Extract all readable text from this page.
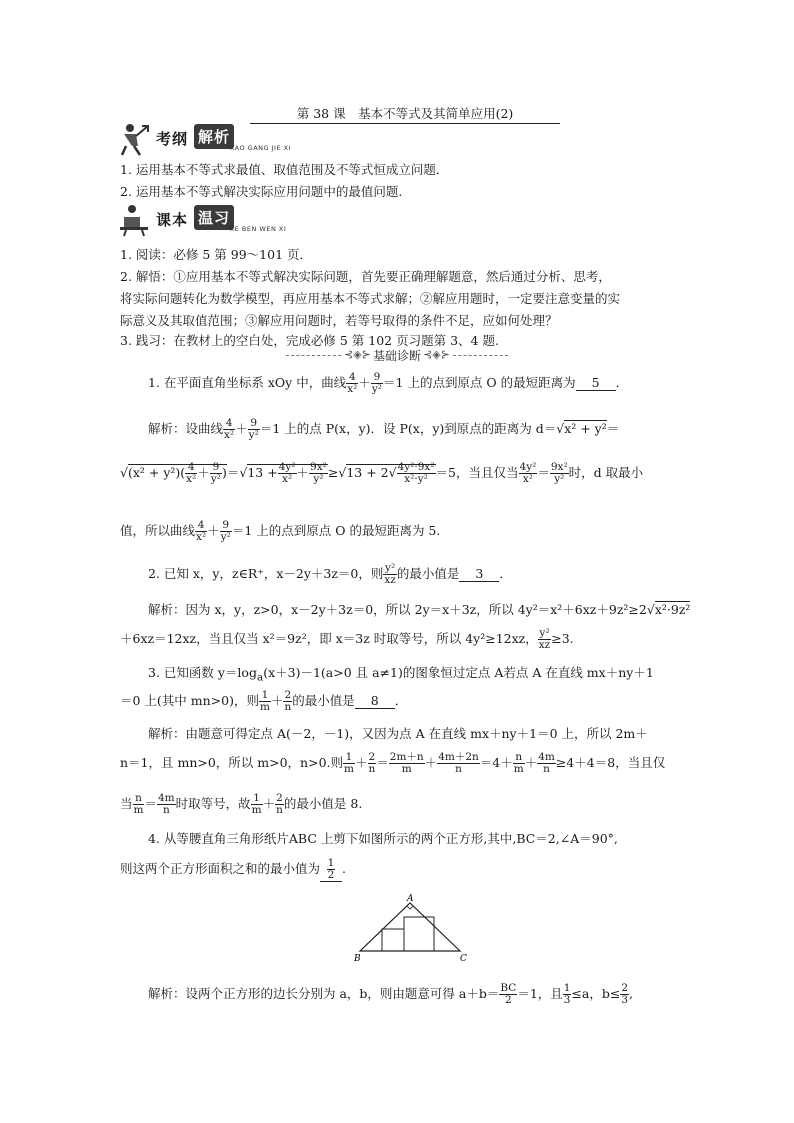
第 38 课　基本不等式及其简单应用(2)
考纲 解析
KAO GANG JIE XI
1. 运用基本不等式求最值、取值范围及不等式恒成立问题．
2. 运用基本不等式解决实际应用问题中的最值问题.
课本 温习
KE BEN WEN XI
1. 阅读：必修 5 第 99～101 页．
2. 解悟：①应用基本不等式解决实际问题，首先要正确理解题意，然后通过分析、思考，
将实际问题转化为数学模型，再应用基本不等式求解；②解应用题时，一定要注意变量的实
际意义及其取值范围；③解应用问题时，若等号取得的条件不足，应如何处理？
3. 践习：在教材上的空白处，完成必修 5 第 102 页习题第 3、4 题.
⊰◈⊱ 基础诊断 ⊰◈⊱
1. 在平面直角坐标系 xOy 中，曲线 $\frac{4}{\text{x²}} + \frac{9}{\text{y²}} =1$ 上的点到原点 O 的最短距离为 5 ．
解析：设曲线 $\frac{4}{\text{x²}} + \frac{9}{\text{y²}} =1$ 上的点 P(x，y)．设 P(x，y)到原点的距离为 d＝√x² + y²＝
$√(x^2 + y^2)( \frac{4}{\text{x²}} + \frac{9}{\text{y²}} )=√13 + \frac{\text{4y²}}{\text{x²}} + \frac{\text{9x²}}{\text{y²}} \ge√13 + 2√ \frac{\text{4y²·9x²}}{\text{x²·y²}} =5$，当且仅当 $\frac{\text{4y²}}{\text{x²}} = \frac{\text{9x²}}{\text{y²}}$ 时，d 取最小
值，所以曲线 $\frac{4}{\text{x²}} + \frac{9}{\text{y²}} =1$ 上的点到原点 O 的最短距离为 5.
2. 已知 x，y，z∈R⁺，x－2y＋3z＝0，则 $\frac{\text{y²}}{xz}$ 的最小值是 3 ．
解析：因为 x，y，z>0，x－2y＋3z＝0，所以 2y＝x＋3z，所以 4y²＝x²＋6xz＋9z²≥2√x²·9z²
＋6xz＝12xz，当且仅当 x²＝9z²，即 x＝3z 时取等号，所以 4y²≥12xz， $\frac{\text{y²}}{xz} \ge 3$.
3. 已知函数 $y=\log_a(x+3)-1(a>0$ 且 a≠1)的图象恒过定点 A若点 A 在直线 mx＋ny＋1
＝0 上(其中 mn>0)，则 $\frac{1}{m} + \frac{2}{n}$ 的最小值是 8 ．
解析：由题意可得定点 A(－2，－1)，又因为点 A 在直线 mx＋ny＋1＝0 上，所以 2m＋
n＝1，且 mn>0，所以 m>0，n>0.则 $\frac{1}{m} + \frac{2}{n} = \frac{2m+n}{m} + \frac{4m+2n}{n} =4+ \frac{n}{m} + \frac{4m}{n} \ge 4+4=8$，当且仅
当 $\frac{n}{m} = \frac{4m}{n}$ 时取等号，故 $\frac{1}{m} + \frac{2}{n}$ 的最小值是 8.
4. 从等腰直角三角形纸片ABC 上剪下如图所示的两个正方形,其中,BC＝2,∠A＝90°,
则这两个正方形面积之和的最小值为 $\frac{1}{2}$ .
A
B	C
解析：设两个正方形的边长分别为 a，b，则由题意可得 $a+b= \frac{BC}{2} =1$，且 $\frac{1}{3} \le a$，$b\le \frac{2}{3}$ ,
